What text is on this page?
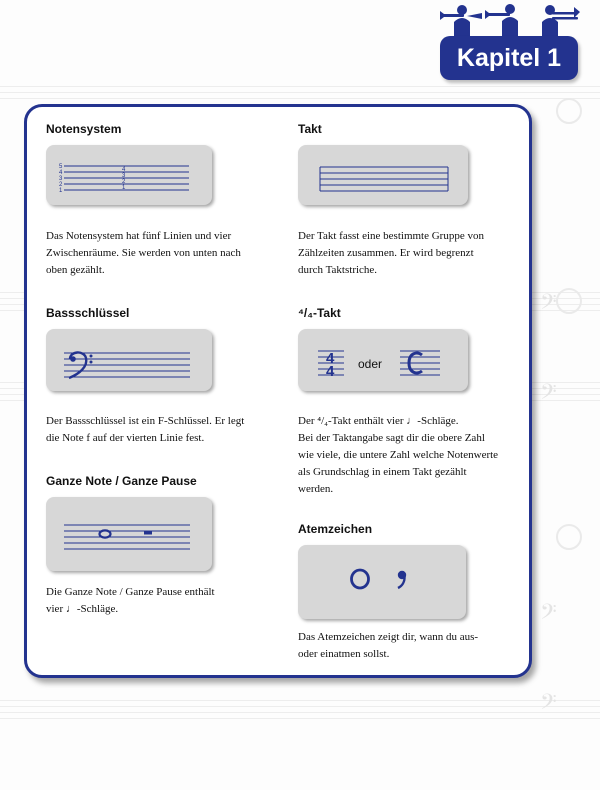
𝄢
𝄢
𝄢
𝄢
Kapitel 1
Notensystem
5
4
3
2
1
4
3
2
1
Das Notensystem hat fünf Linien und vier
Zwischenräume. Sie werden von unten nach
oben gezählt.
Takt
Der Takt fasst eine bestimmte Gruppe von
Zählzeiten zusammen. Er wird begrenzt
durch Taktstriche.
Bassschlüssel
Der Bassschlüssel ist ein F-Schlüssel. Er legt
die Note f auf der vierten Linie fest.
⁴/₄-Takt
4
4 oder
Der ⁴/₄-Takt enthält vier ♩-Schläge.
Bei der Taktangabe sagt dir die obere Zahl
wie viele, die untere Zahl welche Notenwerte
als Grundschlag in einem Takt gezählt
werden.
Ganze Note / Ganze Pause
Die Ganze Note / Ganze Pause enthält
vier ♩-Schläge.
Atemzeichen
Das Atemzeichen zeigt dir, wann du aus-
oder einatmen sollst.
